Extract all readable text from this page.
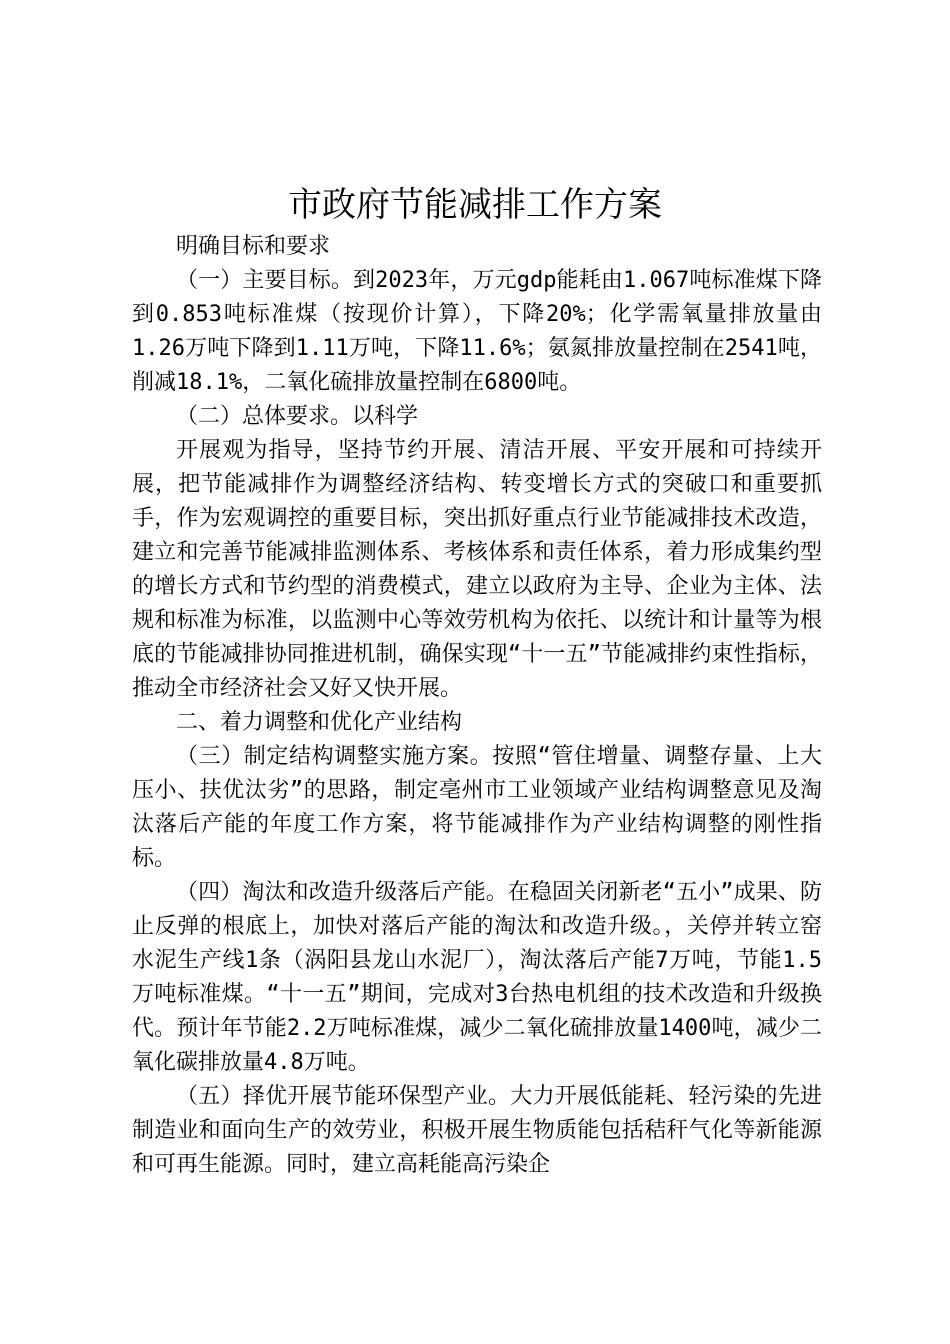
市政府节能减排工作方案

明确目标和要求

（一）主要目标。到2023年，万元gdp能耗由1.067吨标准煤下降到0.853吨标准煤（按现价计算），下降20%；化学需氧量排放量由1.26万吨下降到1.11万吨，下降11.6%；氨氮排放量控制在2541吨，削减18.1%，二氧化硫排放量控制在6800吨。

（二）总体要求。以科学

开展观为指导，坚持节约开展、清洁开展、平安开展和可持续开展，把节能减排作为调整经济结构、转变增长方式的突破口和重要抓手，作为宏观调控的重要目标，突出抓好重点行业节能减排技术改造，建立和完善节能减排监测体系、考核体系和责任体系，着力形成集约型的增长方式和节约型的消费模式，建立以政府为主导、企业为主体、法规和标准为标准，以监测中心等效劳机构为依托、以统计和计量等为根底的节能减排协同推进机制，确保实现“十一五”节能减排约束性指标，推动全市经济社会又好又快开展。

二、着力调整和优化产业结构

（三）制定结构调整实施方案。按照“管住增量、调整存量、上大压小、扶优汰劣”的思路，制定亳州市工业领域产业结构调整意见及淘汰落后产能的年度工作方案，将节能减排作为产业结构调整的刚性指标。

（四）淘汰和改造升级落后产能。在稳固关闭新老“五小”成果、防止反弹的根底上，加快对落后产能的淘汰和改造升级。，关停并转立窑水泥生产线1条（涡阳县龙山水泥厂），淘汰落后产能7万吨，节能1.5万吨标准煤。“十一五”期间，完成对3台热电机组的技术改造和升级换代。预计年节能2.2万吨标准煤，减少二氧化硫排放量1400吨，减少二氧化碳排放量4.8万吨。

（五）择优开展节能环保型产业。大力开展低能耗、轻污染的先进制造业和面向生产的效劳业，积极开展生物质能包括秸秆气化等新能源和可再生能源。同时，建立高耗能高污染企
